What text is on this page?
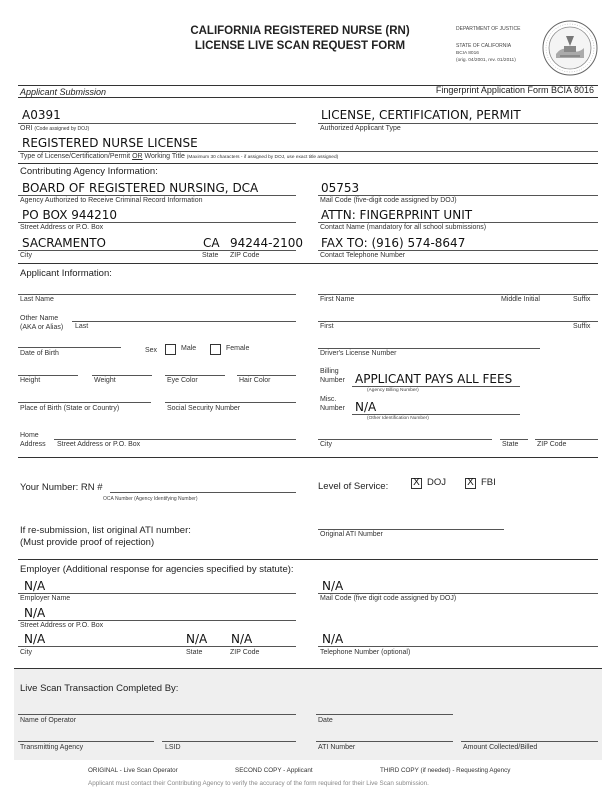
CALIFORNIA REGISTERED NURSE (RN)
LICENSE LIVE SCAN REQUEST FORM
DEPARTMENT OF JUSTICE
STATE OF CALIFORNIA
BCIA 8016
(orig. 04/2001, rev. 01/2011)
Applicant Submission	Fingerprint Application Form BCIA 8016
A0391
ORI (Code assigned by DOJ)
LICENSE, CERTIFICATION, PERMIT
Authorized Applicant Type
REGISTERED NURSE LICENSE
Type of License/Certification/Permit OR Working Title (Maximum 30 characters - if assigned by DOJ, use exact title assigned)
Contributing Agency Information:
BOARD OF REGISTERED NURSING, DCA
Agency Authorized to Receive Criminal Record Information
05753
Mail Code (five-digit code assigned by DOJ)
PO BOX 944210
Street Address or P.O. Box
ATTN: FINGERPRINT UNIT
Contact Name (mandatory for all school submissions)
SACRAMENTO	CA 94244-2100
City	State ZIP Code
FAX TO: (916) 574-8647
Contact Telephone Number
Applicant Information:
Last Name	First Name	Middle Initial	Suffix
Other Name
(AKA or Alias) Last	First	Suffix
Date of Birth	Sex	Male	Female
Driver's License Number
Height	Weight	Eye Color	Hair Color
Billing
Number APPLICANT PAYS ALL FEES
(Agency Billing Number)
Place of Birth (State or Country)	Social Security Number
Misc.
Number N/A
(Other Identification Number)
Home
Address Street Address or P.O. Box	City	State	ZIP Code
Your Number: RN #
OCA Number (Agency Identifying Number)
Level of Service: X DOJ X FBI
If re-submission, list original ATI number:
(Must provide proof of rejection)
Original ATI Number
Employer (Additional response for agencies specified by statute):
N/A
Employer Name
N/A
Mail Code (five digit code assigned by DOJ)
N/A
Street Address or P.O. Box
N/A	N/A N/A
City	State	ZIP Code
N/A
Telephone Number (optional)
Live Scan Transaction Completed By:
Name of Operator	Date
Transmitting Agency	LSID	ATI Number	Amount Collected/Billed
ORIGINAL - Live Scan Operator	SECOND COPY - Applicant	THIRD COPY (if needed) - Requesting Agency
Applicant must contact their Contributing Agency to verify the accuracy of the form required for their Live Scan submission.
